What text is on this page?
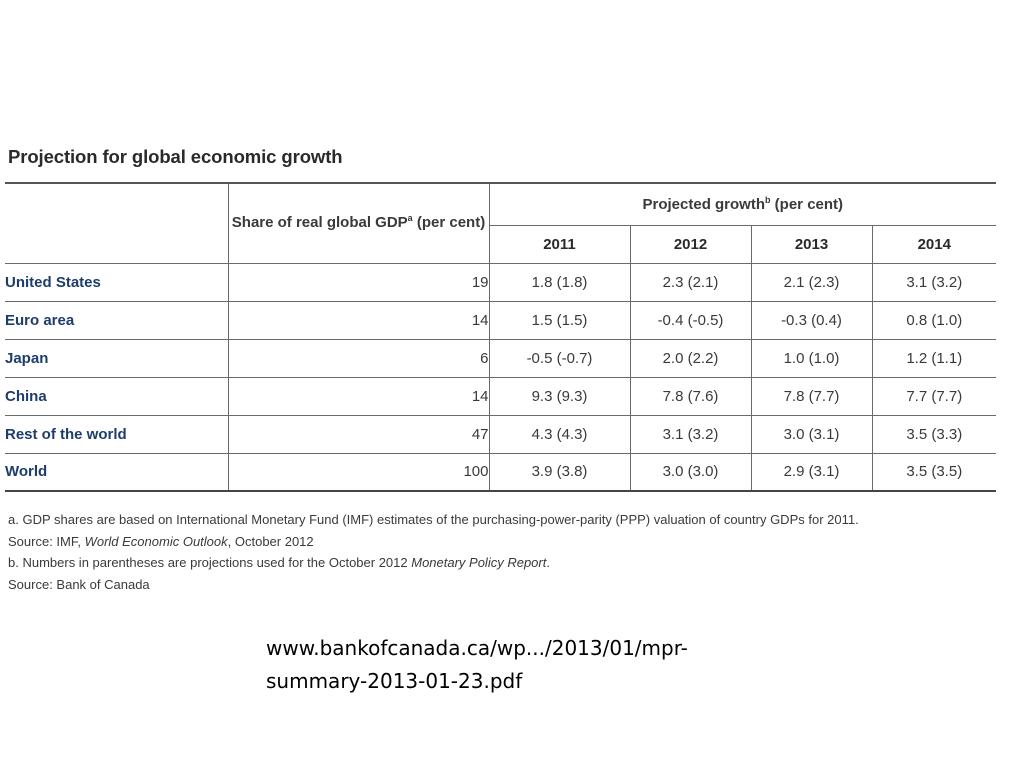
Projection for global economic growth
	Share of real global GDP$^a$ (per cent)	Projected growth$^b$ (per cent)			
		2011	2012	2013	2014
United States	19	1.8 (1.8)	2.3 (2.1)	2.1 (2.3)	3.1 (3.2)
Euro area	14	1.5 (1.5)	-0.4 (-0.5)	-0.3 (0.4)	0.8 (1.0)
Japan	6	-0.5 (-0.7)	2.0 (2.2)	1.0 (1.0)	1.2 (1.1)
China	14	9.3 (9.3)	7.8 (7.6)	7.8 (7.7)	7.7 (7.7)
Rest of the world	47	4.3 (4.3)	3.1 (3.2)	3.0 (3.1)	3.5 (3.3)
World	100	3.9 (3.8)	3.0 (3.0)	2.9 (3.1)	3.5 (3.5)
a. GDP shares are based on International Monetary Fund (IMF) estimates of the purchasing-power-parity (PPP) valuation of country GDPs for 2011.
Source: IMF, World Economic Outlook, October 2012
b. Numbers in parentheses are projections used for the October 2012 Monetary Policy Report.
Source: Bank of Canada
www.bankofcanada.ca/wp.../2013/01/mpr-
summary-2013-01-23.pdf
